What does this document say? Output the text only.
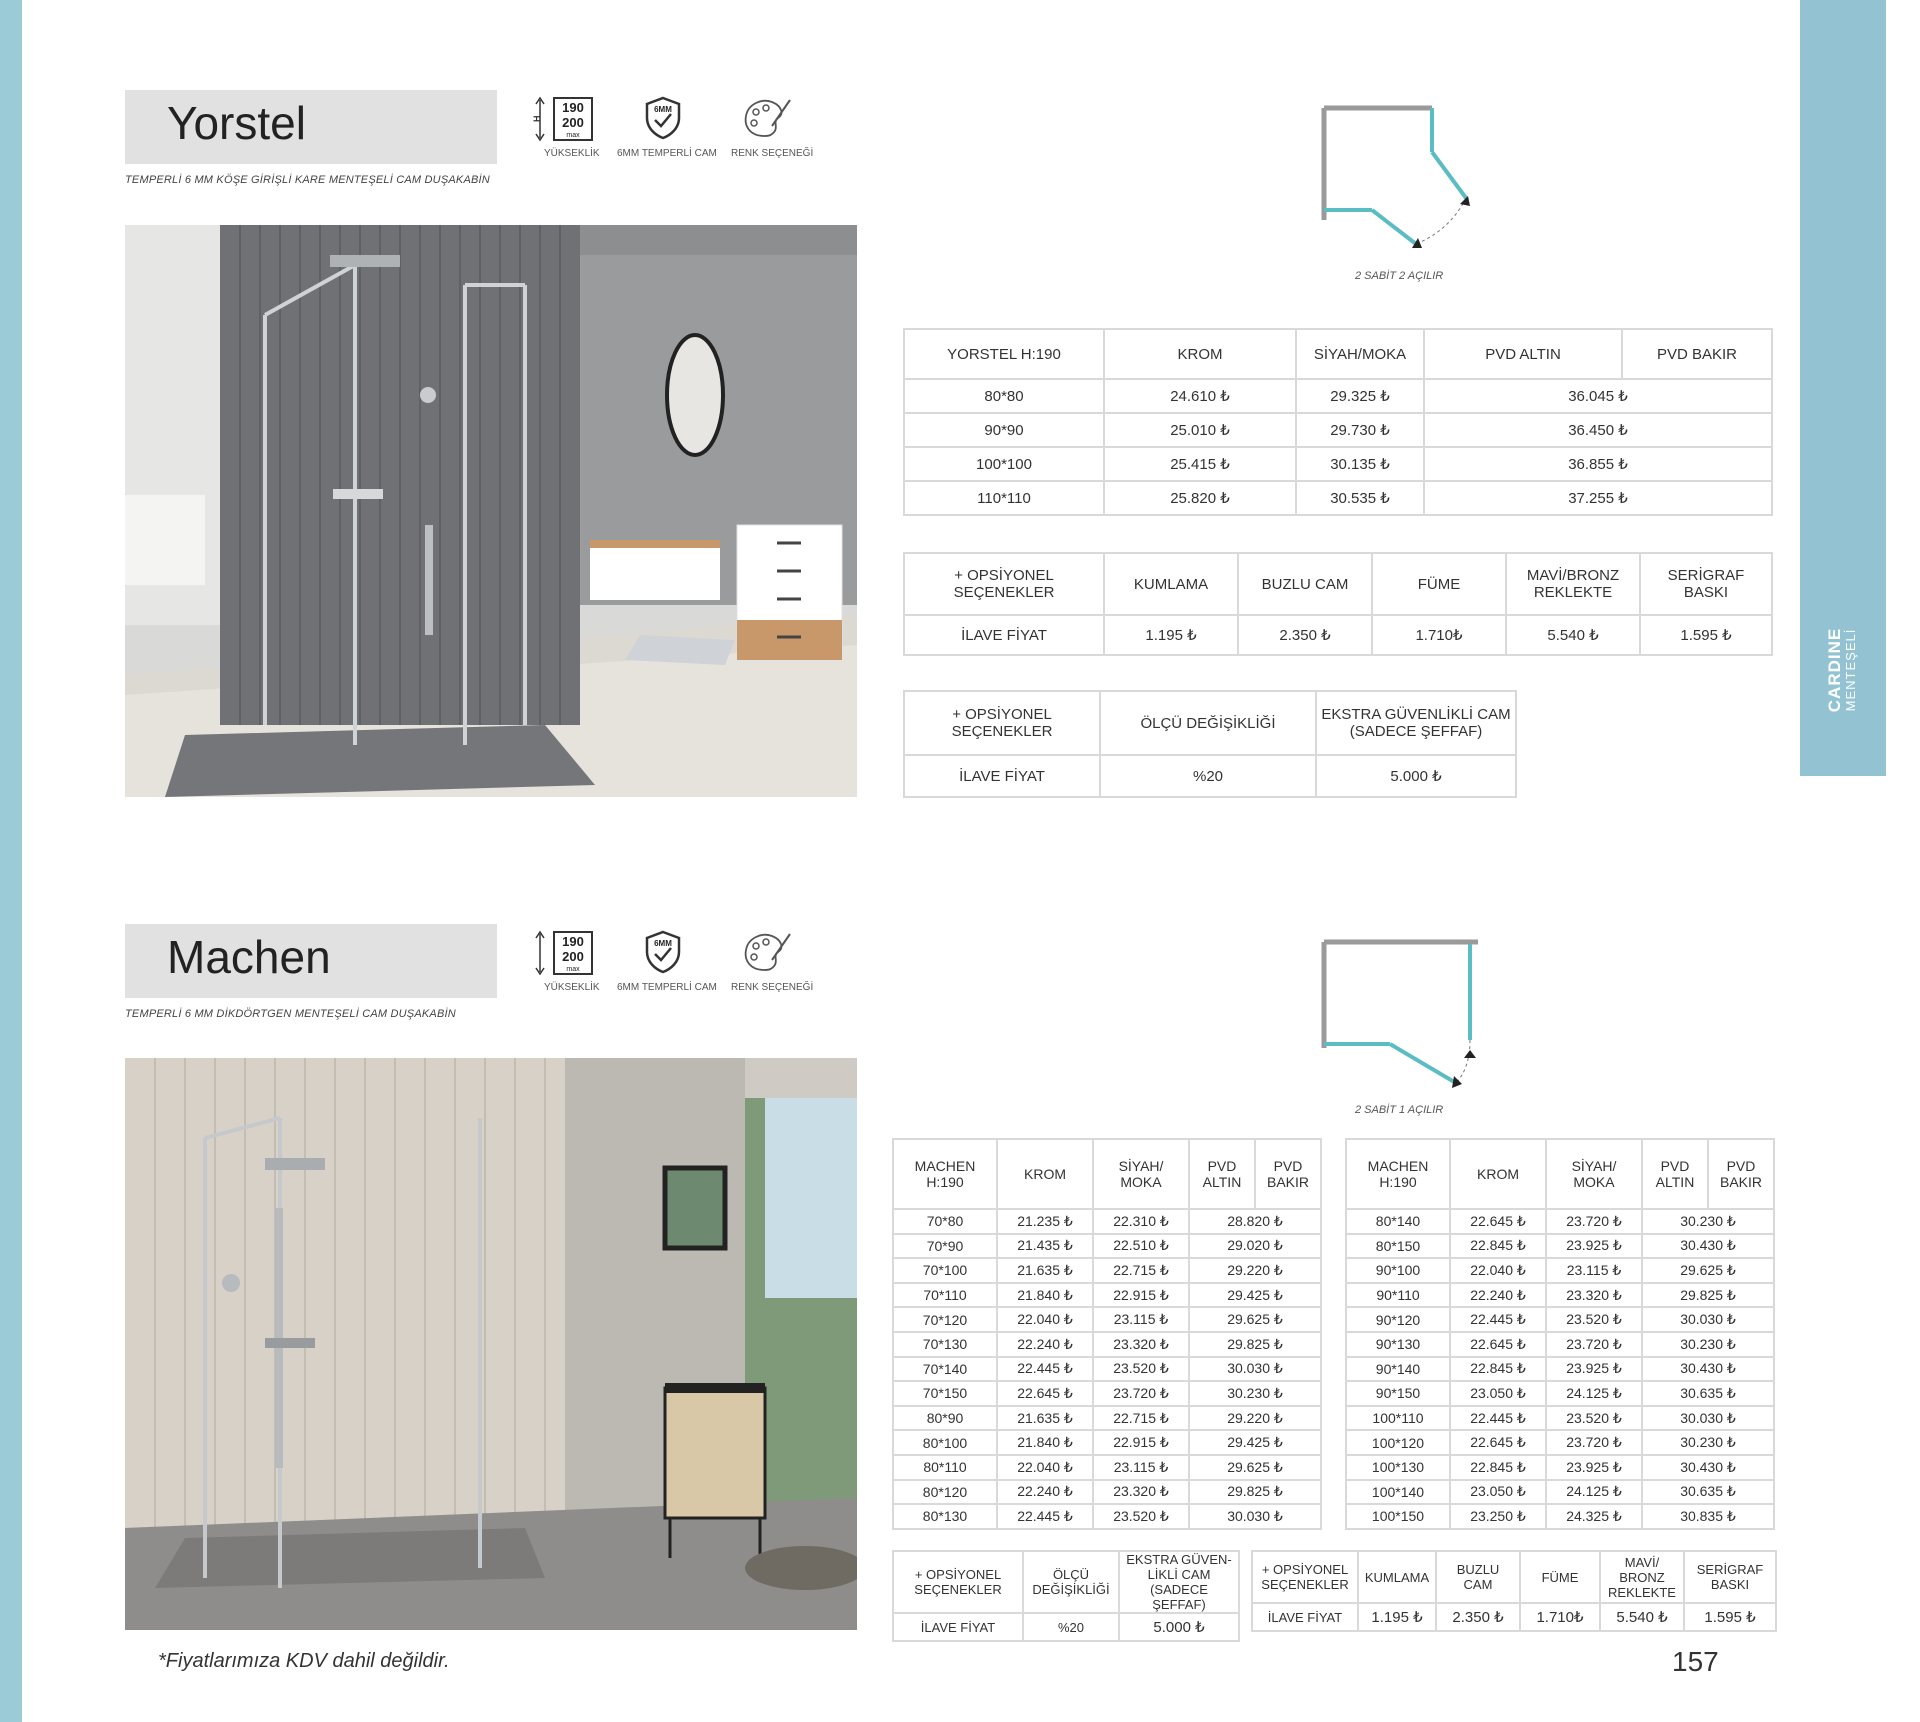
CARDINE MENTEŞELİ
Yorstel
TEMPERLİ 6 MM KÖŞE GİRİŞLİ KARE MENTEŞELİ CAM DUŞAKABİN
H
190
200
max
YÜKSEKLİK
6MM
6MM TEMPERLİ CAM RENK SEÇENEĞİ
2 SABİT 2 AÇILIR
YORSTEL H:190	KROM	SİYAH/MOKA	PVD ALTIN	PVD BAKIR
80*80	24.610 ₺	29.325 ₺	36.045 ₺	
90*90	25.010 ₺	29.730 ₺	36.450 ₺	
100*100	25.415 ₺	30.135 ₺	36.855 ₺	
110*110	25.820 ₺	30.535 ₺	37.255 ₺	
+ OPSİYONEL SEÇENEKLER	KUMLAMA	BUZLU CAM	FÜME	MAVİ/BRONZ REKLEKTE	SERİGRAF BASKI
İLAVE FİYAT	1.195 ₺	2.350 ₺	1.710₺	5.540 ₺	1.595 ₺
+ OPSİYONEL SEÇENEKLER	ÖLÇÜ DEĞİŞİKLİĞİ	EKSTRA GÜVENLİKLİ CAM (SADECE ŞEFFAF)
İLAVE FİYAT	%20	5.000 ₺
Machen
TEMPERLİ 6 MM DİKDÖRTGEN MENTEŞELİ CAM DUŞAKABİN
190
200
max
YÜKSEKLİK
6MM
6MM TEMPERLİ CAM RENK SEÇENEĞİ
2 SABİT 1 AÇILIR
MACHEN H:190	KROM	SİYAH/ MOKA	PVD ALTIN	PVD BAKIR
70*80	21.235 ₺	22.310 ₺	28.820 ₺	
70*90	21.435 ₺	22.510 ₺	29.020 ₺	
70*100	21.635 ₺	22.715 ₺	29.220 ₺	
70*110	21.840 ₺	22.915 ₺	29.425 ₺	
70*120	22.040 ₺	23.115 ₺	29.625 ₺	
70*130	22.240 ₺	23.320 ₺	29.825 ₺	
70*140	22.445 ₺	23.520 ₺	30.030 ₺	
70*150	22.645 ₺	23.720 ₺	30.230 ₺	
80*90	21.635 ₺	22.715 ₺	29.220 ₺	
80*100	21.840 ₺	22.915 ₺	29.425 ₺	
80*110	22.040 ₺	23.115 ₺	29.625 ₺	
80*120	22.240 ₺	23.320 ₺	29.825 ₺	
80*130	22.445 ₺	23.520 ₺	30.030 ₺	
MACHEN H:190	KROM	SİYAH/ MOKA	PVD ALTIN	PVD BAKIR
80*140	22.645 ₺	23.720 ₺	30.230 ₺	
80*150	22.845 ₺	23.925 ₺	30.430 ₺	
90*100	22.040 ₺	23.115 ₺	29.625 ₺	
90*110	22.240 ₺	23.320 ₺	29.825 ₺	
90*120	22.445 ₺	23.520 ₺	30.030 ₺	
90*130	22.645 ₺	23.720 ₺	30.230 ₺	
90*140	22.845 ₺	23.925 ₺	30.430 ₺	
90*150	23.050 ₺	24.125 ₺	30.635 ₺	
100*110	22.445 ₺	23.520 ₺	30.030 ₺	
100*120	22.645 ₺	23.720 ₺	30.230 ₺	
100*130	22.845 ₺	23.925 ₺	30.430 ₺	
100*140	23.050 ₺	24.125 ₺	30.635 ₺	
100*150	23.250 ₺	24.325 ₺	30.835 ₺	
+ OPSİYONEL SEÇENEKLER	ÖLÇÜ DEĞİŞİKLİĞİ	EKSTRA GÜVEN-LİKLİ CAM (SADECE ŞEFFAF)
İLAVE FİYAT	%20	5.000 ₺
+ OPSİYONEL SEÇENEKLER	KUMLAMA	BUZLU CAM	FÜME	MAVİ/ BRONZ REKLEKTE	SERİGRAF BASKI
İLAVE FİYAT	1.195 ₺	2.350 ₺	1.710₺	5.540 ₺	1.595 ₺
*Fiyatlarımıza KDV dahil değildir.	157
